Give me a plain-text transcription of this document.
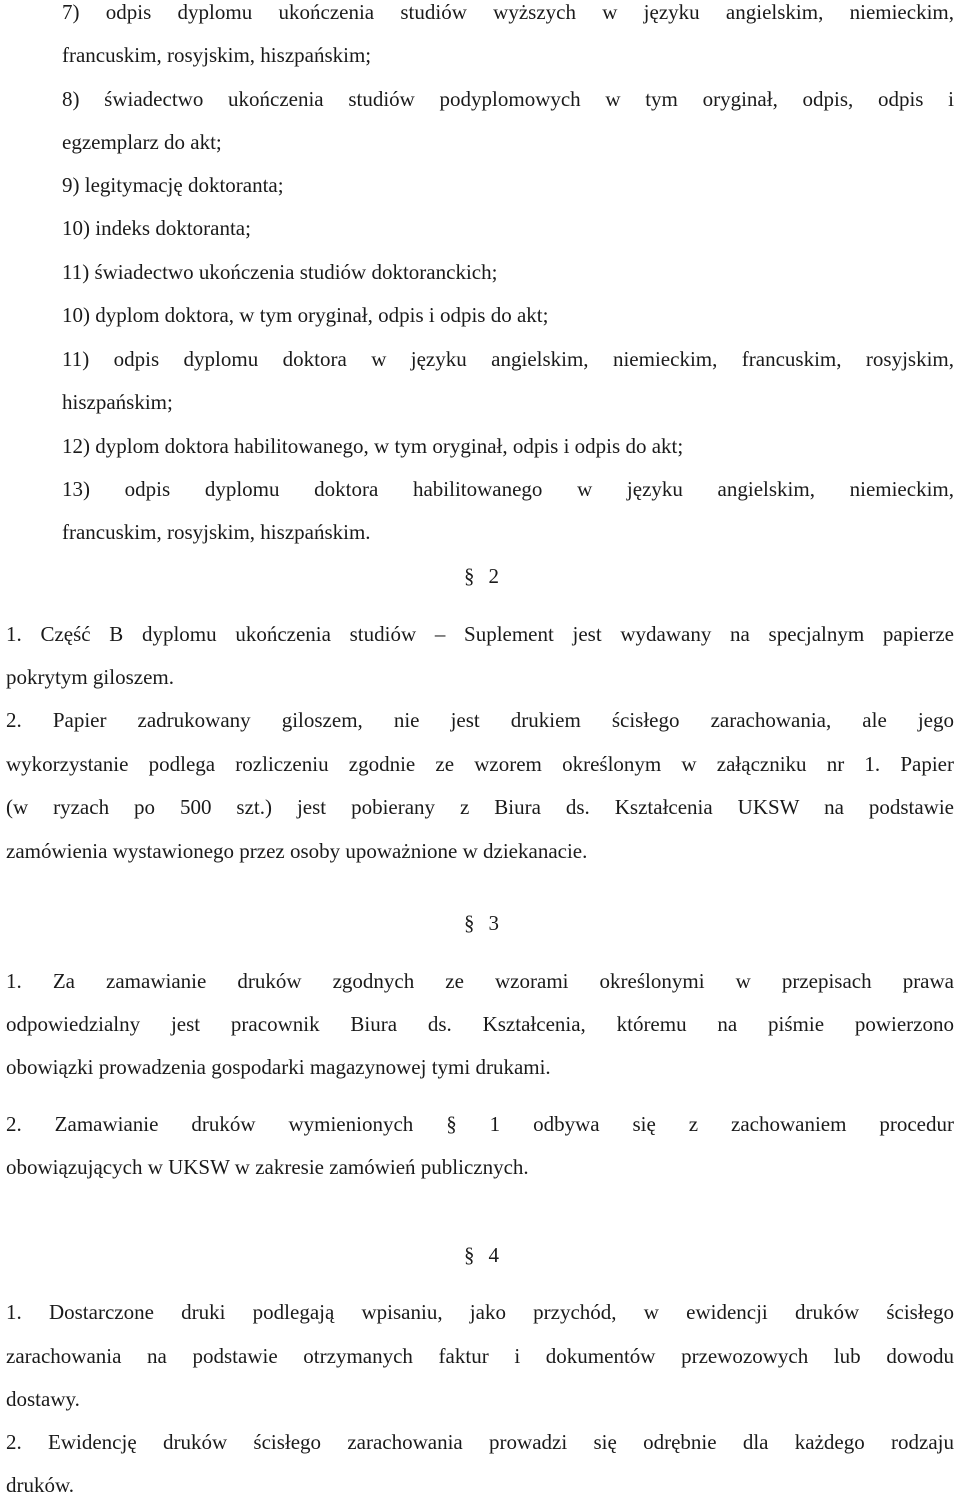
7) odpis dyplomu ukończenia studiów wyższych w języku angielskim, niemieckim,

francuskim, rosyjskim, hiszpańskim;

8) świadectwo ukończenia studiów podyplomowych w tym oryginał, odpis, odpis i

egzemplarz do akt;

9) legitymację doktoranta;

10) indeks doktoranta;

11) świadectwo ukończenia studiów doktoranckich;

10) dyplom doktora, w tym oryginał, odpis i odpis do akt;

11) odpis dyplomu doktora w języku angielskim, niemieckim, francuskim, rosyjskim,

hiszpańskim;

12) dyplom doktora habilitowanego, w tym oryginał, odpis i odpis do akt;

13) odpis dyplomu doktora habilitowanego w języku angielskim, niemieckim,

francuskim, rosyjskim, hiszpańskim.

§ 2

1. Część B dyplomu ukończenia studiów – Suplement jest wydawany na specjalnym papierze

pokrytym giloszem.

2. Papier zadrukowany giloszem, nie jest drukiem ścisłego zarachowania, ale jego

wykorzystanie podlega rozliczeniu zgodnie ze wzorem określonym w załączniku nr 1. Papier

(w ryzach po 500 szt.) jest pobierany z Biura ds. Kształcenia UKSW na podstawie

zamówienia wystawionego przez osoby upoważnione w dziekanacie.

§ 3

1. Za zamawianie druków zgodnych ze wzorami określonymi w przepisach prawa

odpowiedzialny jest pracownik Biura ds. Kształcenia, któremu na piśmie powierzono

obowiązki prowadzenia gospodarki magazynowej tymi drukami.

2. Zamawianie druków wymienionych § 1 odbywa się z zachowaniem procedur

obowiązujących w UKSW w zakresie zamówień publicznych.

§ 4

1. Dostarczone druki podlegają wpisaniu, jako przychód, w ewidencji druków ścisłego

zarachowania na podstawie otrzymanych faktur i dokumentów przewozowych lub dowodu

dostawy.

2. Ewidencję druków ścisłego zarachowania prowadzi się odrębnie dla każdego rodzaju

druków.
